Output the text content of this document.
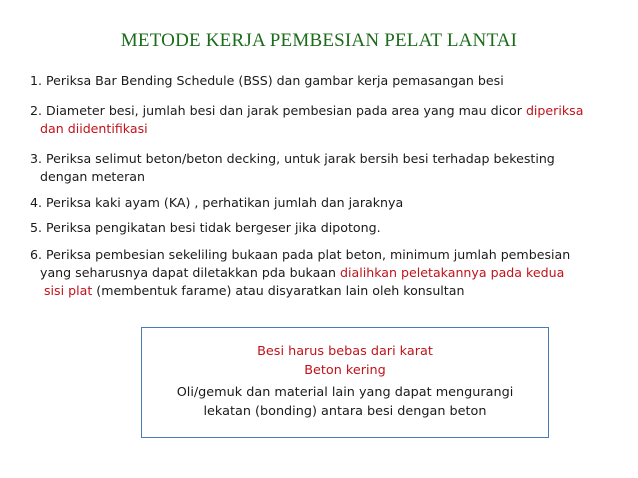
METODE KERJA PEMBESIAN PELAT LANTAI
1. Periksa Bar Bending Schedule (BSS) dan gambar kerja pemasangan besi
2. Diameter besi, jumlah besi dan jarak pembesian pada area yang mau dicor diperiksa
dan diidentifikasi
3. Periksa selimut beton/beton decking, untuk jarak bersih besi terhadap bekesting
dengan meteran
4. Periksa kaki ayam (KA) , perhatikan jumlah dan jaraknya
5. Periksa pengikatan besi tidak bergeser jika dipotong.
6. Periksa pembesian sekeliling bukaan pada plat beton, minimum jumlah pembesian
yang seharusnya dapat diletakkan pda bukaan dialihkan peletakannya pada kedua
sisi plat (membentuk farame) atau disyaratkan lain oleh konsultan
Besi harus bebas dari karat
Beton kering
Oli/gemuk dan material lain yang dapat mengurangi
lekatan (bonding) antara besi dengan beton
